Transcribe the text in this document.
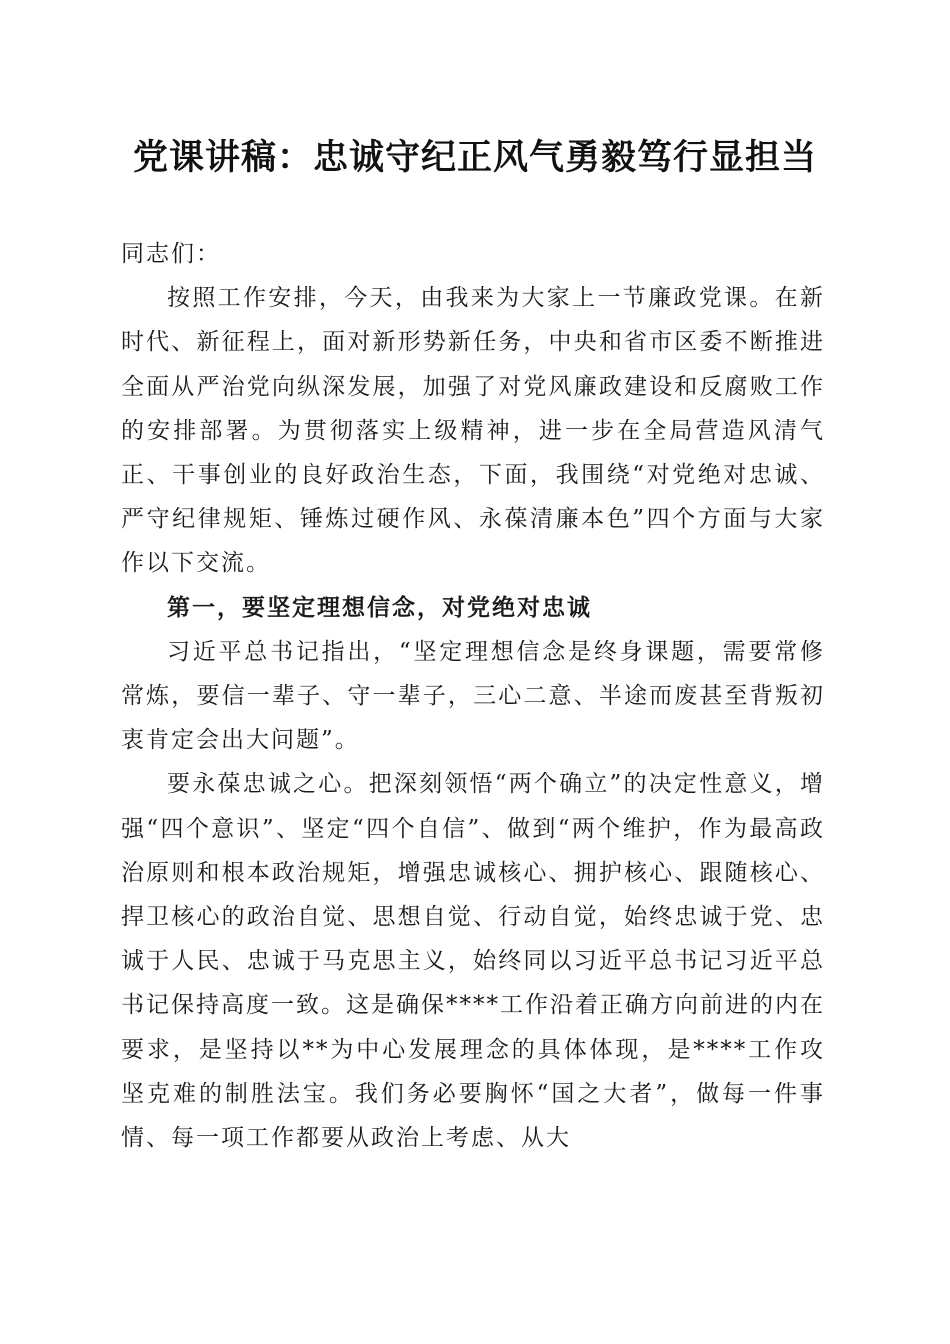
党课讲稿：忠诚守纪正风气勇毅笃行显担当

同志们：

按照工作安排，今天，由我来为大家上一节廉政党课。在新时代、新征程上，面对新形势新任务，中央和省市区委不断推进全面从严治党向纵深发展，加强了对党风廉政建设和反腐败工作的安排部署。为贯彻落实上级精神，进一步在全局营造风清气正、干事创业的良好政治生态，下面，我围绕“对党绝对忠诚、严守纪律规矩、锤炼过硬作风、永葆清廉本色”四个方面与大家作以下交流。

第一，要坚定理想信念，对党绝对忠诚

习近平总书记指出，“坚定理想信念是终身课题，需要常修常炼，要信一辈子、守一辈子，三心二意、半途而废甚至背叛初衷肯定会出大问题”。

要永葆忠诚之心。把深刻领悟“两个确立”的决定性意义，增强“四个意识”、坚定“四个自信”、做到“两个维护，作为最高政治原则和根本政治规矩，增强忠诚核心、拥护核心、跟随核心、捍卫核心的政治自觉、思想自觉、行动自觉，始终忠诚于党、忠诚于人民、忠诚于马克思主义，始终同以习近平总书记习近平总书记保持高度一致。这是确保****工作沿着正确方向前进的内在要求，是坚持以**为中心发展理念的具体体现，是****工作攻坚克难的制胜法宝。我们务必要胸怀“国之大者”，做每一件事情、每一项工作都要从政治上考虑、从大
